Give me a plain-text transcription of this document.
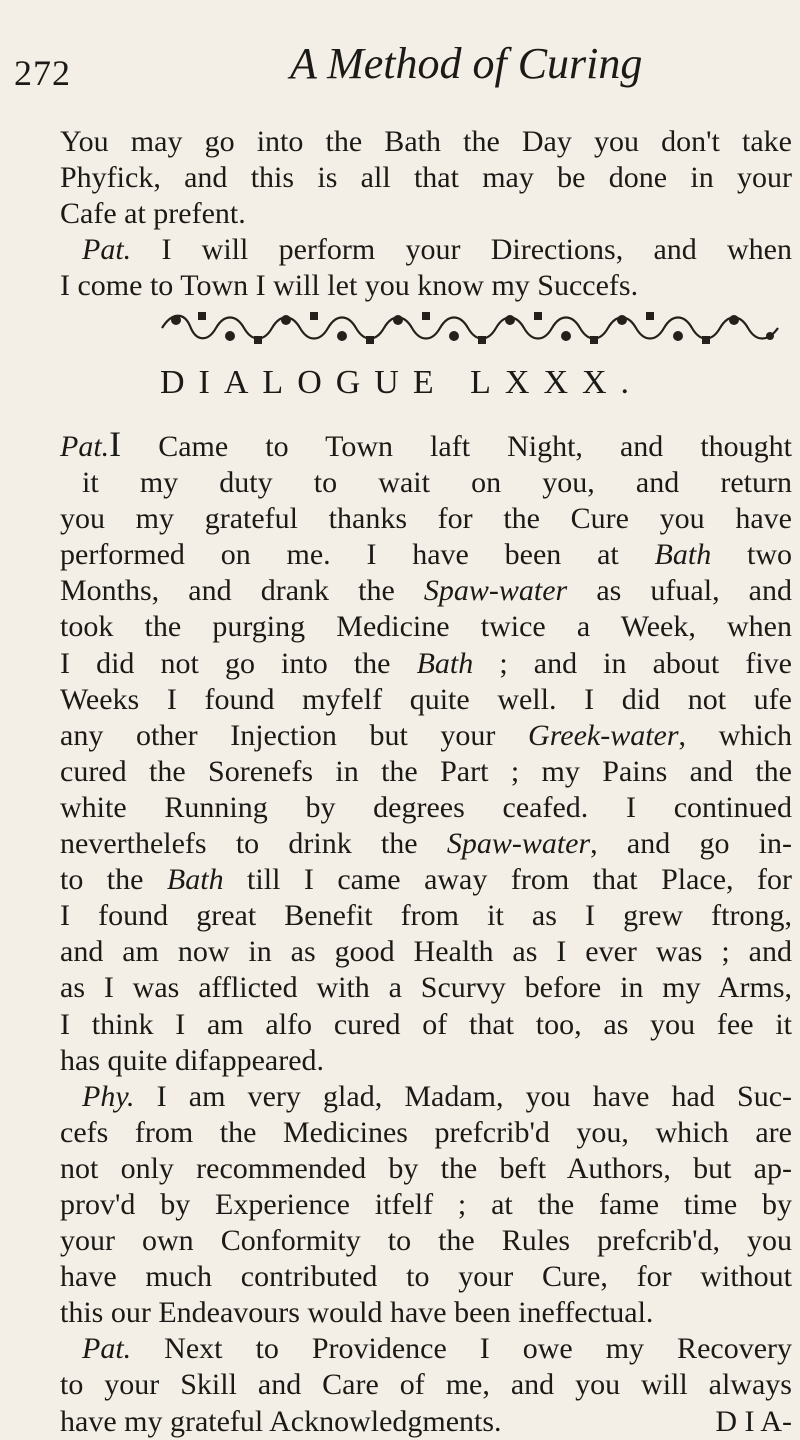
272	A Method of Curing
You may go into the Bath the Day you don't take
Phyfick, and this is all that may be done in your
Cafe at prefent.
Pat. I will perform your Directions, and when
I come to Town I will let you know my Succefs.
DIALOGUE LXXX.
Pat.I Came to Town laft Night, and thought
it my duty to wait on you, and return
you my grateful thanks for the Cure you have
performed on me. I have been at Bath two
Months, and drank the Spaw-water as ufual, and
took the purging Medicine twice a Week, when
I did not go into the Bath ; and in about five
Weeks I found myfelf quite well. I did not ufe
any other Injection but your Greek-water, which
cured the Sorenefs in the Part ; my Pains and the
white Running by degrees ceafed. I continued
neverthelefs to drink the Spaw-water, and go in-
to the Bath till I came away from that Place, for
I found great Benefit from it as I grew ftrong,
and am now in as good Health as I ever was ; and
as I was afflicted with a Scurvy before in my Arms,
I think I am alfo cured of that too, as you fee it
has quite difappeared.
Phy. I am very glad, Madam, you have had Suc-
cefs from the Medicines prefcrib'd you, which are
not only recommended by the beft Authors, but ap-
prov'd by Experience itfelf ; at the fame time by
your own Conformity to the Rules prefcrib'd, you
have much contributed to your Cure, for without
this our Endeavours would have been ineffectual.
Pat. Next to Providence I owe my Recovery
to your Skill and Care of me, and you will always
have my grateful Acknowledgments.	D I A-
